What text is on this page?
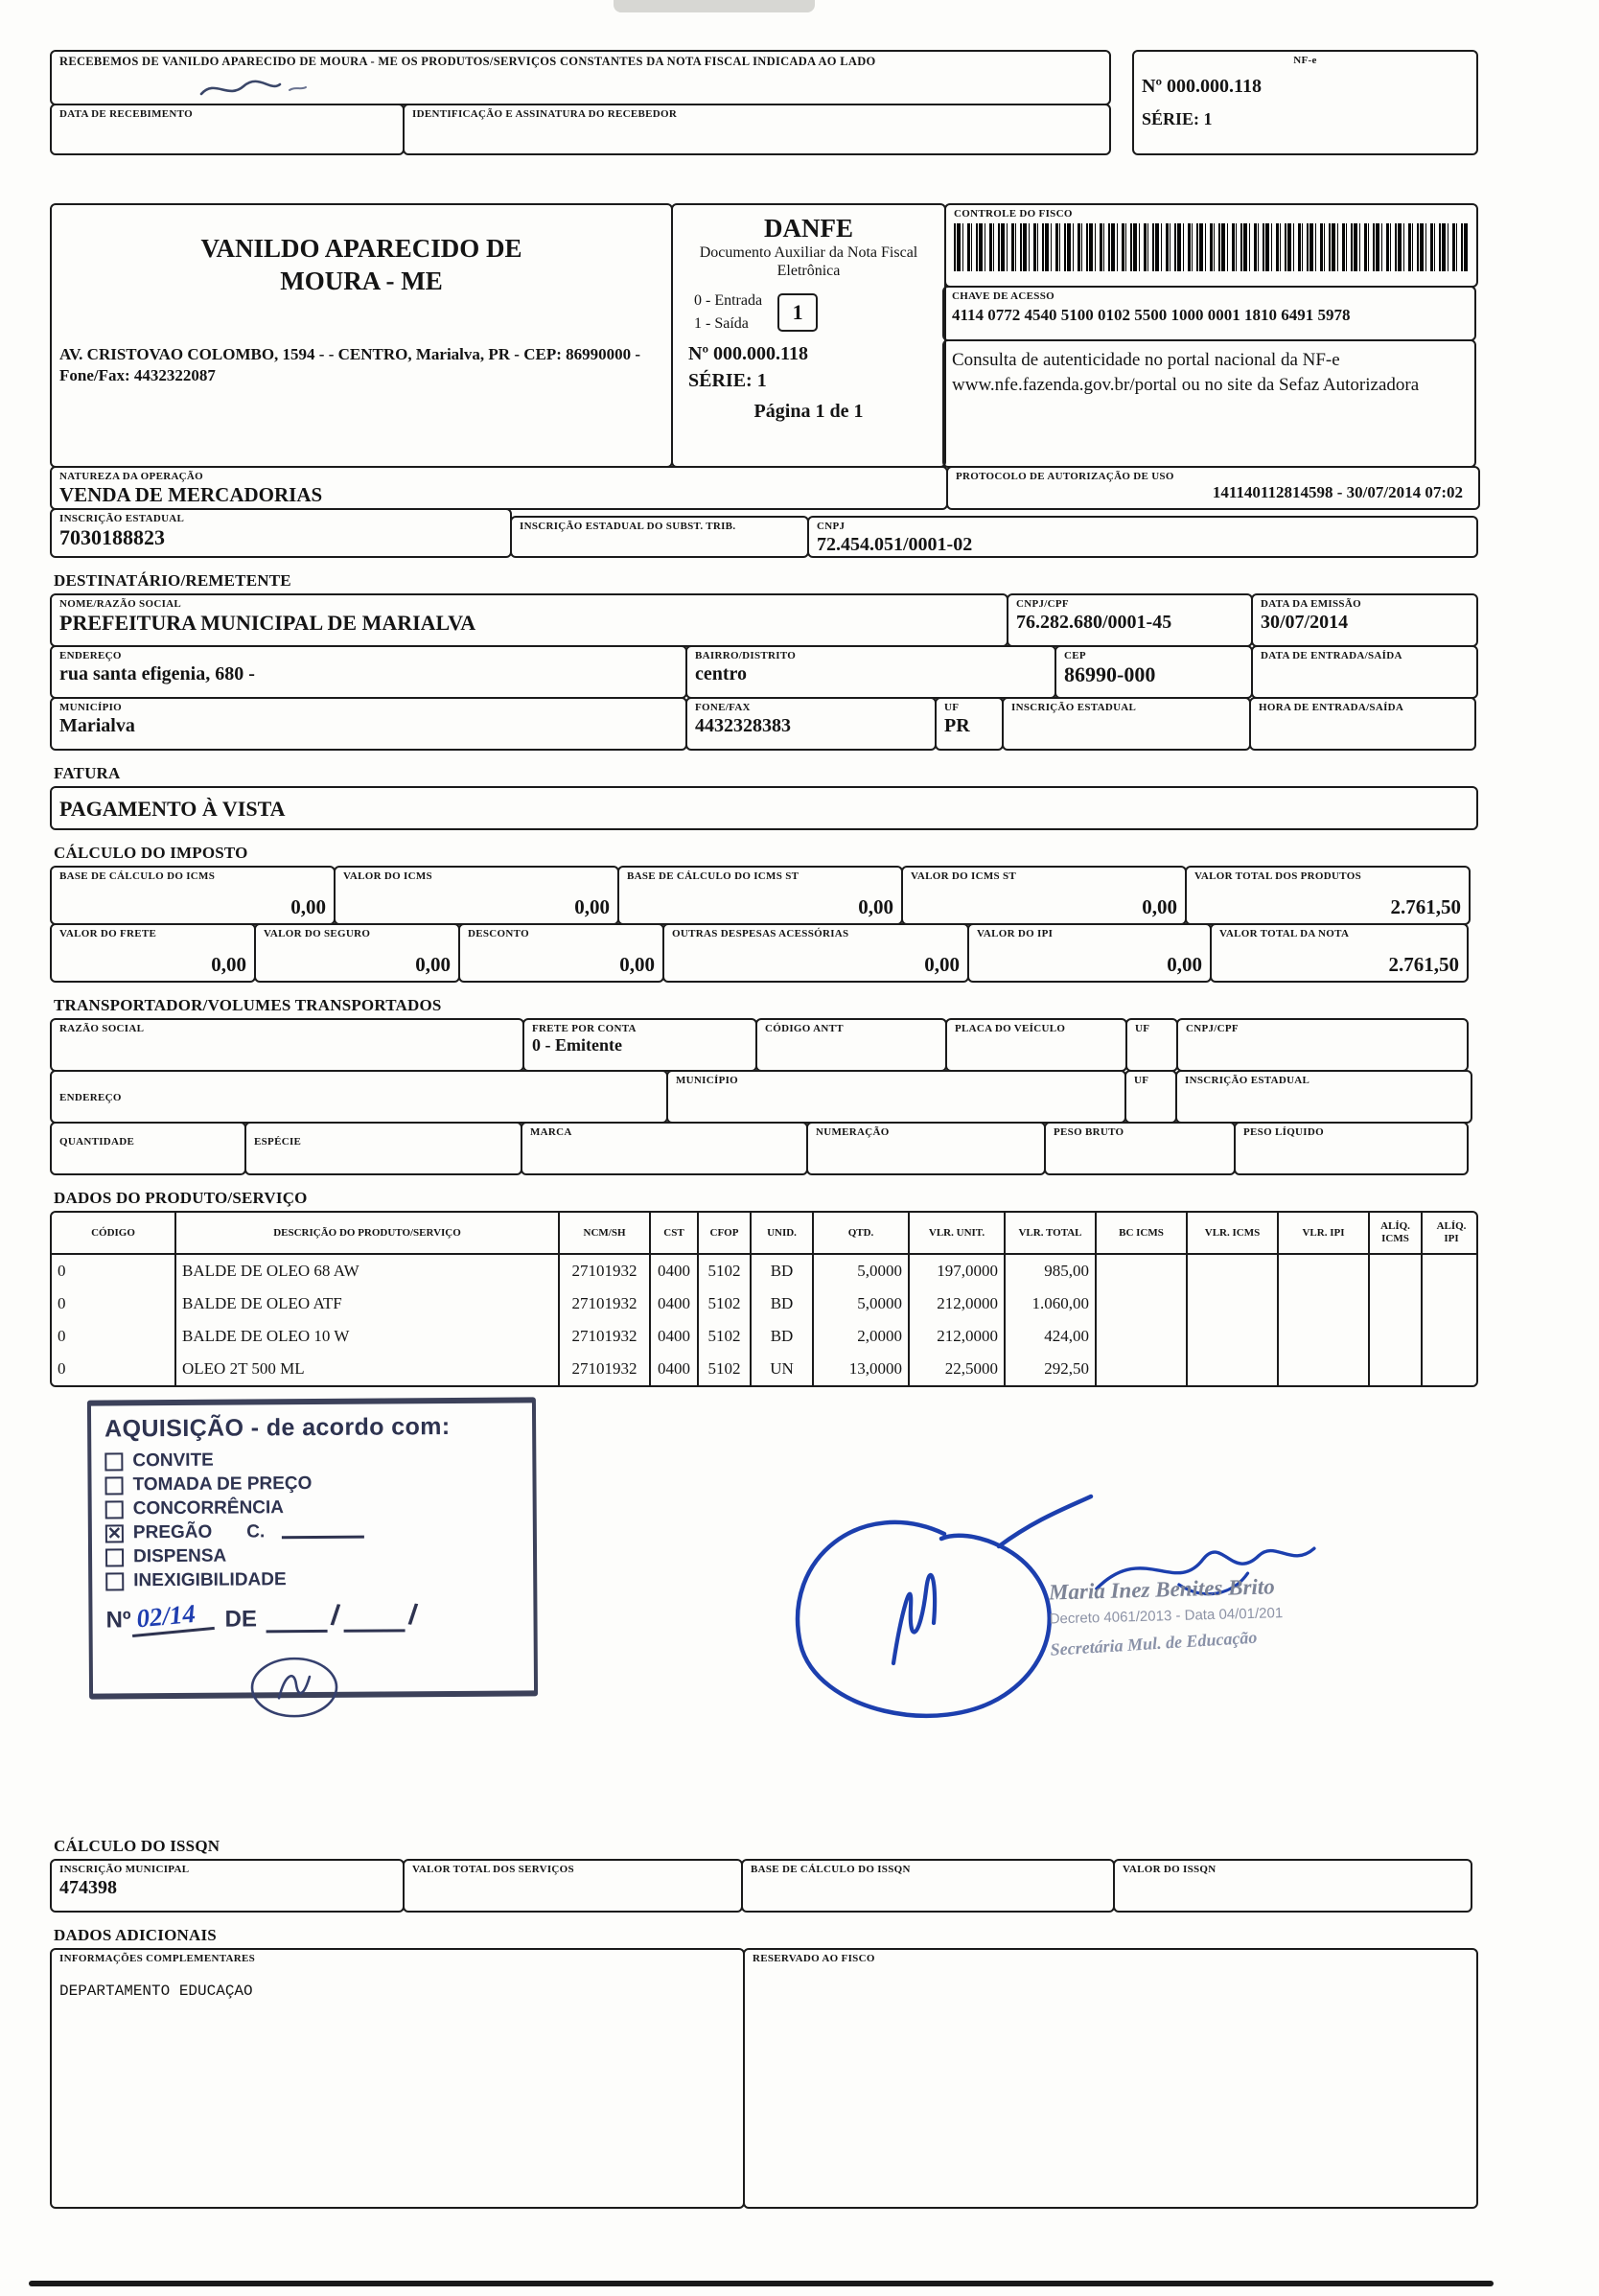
RECEBEMOS DE VANILDO APARECIDO DE MOURA - ME OS PRODUTOS/SERVIÇOS CONSTANTES DA NOTA FISCAL INDICADA AO LADO
DATA DE RECEBIMENTO	IDENTIFICAÇÃO E ASSINATURA DO RECEBEDOR
NF-e
Nº 000.000.118
SÉRIE: 1
VANILDO APARECIDO DE MOURA - ME
AV. CRISTOVAO COLOMBO, 1594 - - CENTRO, Marialva, PR - CEP: 86990000 - Fone/Fax: 4432322087
DANFE
Documento Auxiliar da Nota Fiscal Eletrônica
0 - Entrada
1 - Saída	1
Nº 000.000.118
SÉRIE: 1
Página 1 de 1
CONTROLE DO FISCO
CHAVE DE ACESSO
4114 0772 4540 5100 0102 5500 1000 0001 1810 6491 5978
Consulta de autenticidade no portal nacional da NF-e www.nfe.fazenda.gov.br/portal ou no site da Sefaz Autorizadora
NATUREZA DA OPERAÇÃO
VENDA DE MERCADORIAS
PROTOCOLO DE AUTORIZAÇÃO DE USO
141140112814598 - 30/07/2014 07:02
INSCRIÇÃO ESTADUAL
7030188823	INSCRIÇÃO ESTADUAL DO SUBST. TRIB.	CNPJ
72.454.051/0001-02
DESTINATÁRIO/REMETENTE
NOME/RAZÃO SOCIAL
PREFEITURA MUNICIPAL DE MARIALVA
CNPJ/CPF
76.282.680/0001-45
DATA DA EMISSÃO
30/07/2014
ENDEREÇO
rua santa efigenia, 680 -
BAIRRO/DISTRITO
centro
CEP
86990-000
DATA DE ENTRADA/SAÍDA
MUNICÍPIO
Marialva
FONE/FAX
4432328383
UF
PR
INSCRIÇÃO ESTADUAL	HORA DE ENTRADA/SAÍDA
FATURA
PAGAMENTO À VISTA
CÁLCULO DO IMPOSTO
BASE DE CÁLCULO DO ICMS
0,00
VALOR DO ICMS
0,00
BASE DE CÁLCULO DO ICMS ST
0,00
VALOR DO ICMS ST
0,00
VALOR TOTAL DOS PRODUTOS
2.761,50
VALOR DO FRETE
0,00
VALOR DO SEGURO
0,00
DESCONTO
0,00
OUTRAS DESPESAS ACESSÓRIAS
0,00
VALOR DO IPI
0,00
VALOR TOTAL DA NOTA
2.761,50
TRANSPORTADOR/VOLUMES TRANSPORTADOS
RAZÃO SOCIAL	FRETE POR CONTA
0 - Emitente
CÓDIGO ANTT	PLACA DO VEÍCULO	UF	CNPJ/CPF
ENDEREÇO
MUNICÍPIO	UF	INSCRIÇÃO ESTADUAL
QUANTIDADE	ESPÉCIE
MARCA	NUMERAÇÃO	PESO BRUTO	PESO LÍQUIDO
DADOS DO PRODUTO/SERVIÇO
CÓDIGO	DESCRIÇÃO DO PRODUTO/SERVIÇO	NCM/SH	CST	CFOP	UNID.	QTD.	VLR. UNIT.	VLR. TOTAL	BC ICMS	VLR. ICMS	VLR. IPI
ALÍQ. ICMS
ALÍQ. IPI
0	BALDE DE OLEO 68 AW	27101932	0400	5102	BD	5,0000	197,0000	985,00
0	BALDE DE OLEO ATF	27101932	0400	5102	BD	5,0000	212,0000	1.060,00
0	BALDE DE OLEO 10 W	27101932	0400	5102	BD	2,0000	212,0000	424,00
0	OLEO 2T 500 ML	27101932	0400	5102	UN	13,0000	22,5000	292,50
AQUISIÇÃO - de acordo com:
CONVITE
TOMADA DE PREÇO
CONCORRÊNCIA
✕ PREGÃO C.
DISPENSA
INEXIGIBILIDADE
Nº 02/14	DE	/ /
Maria Inez Benites Brito
Decreto 4061/2013 - Data 04/01/201
Secretária Mul. de Educação
CÁLCULO DO ISSQN
INSCRIÇÃO MUNICIPAL
474398
VALOR TOTAL DOS SERVIÇOS	BASE DE CÁLCULO DO ISSQN	VALOR DO ISSQN
DADOS ADICIONAIS
INFORMAÇÕES COMPLEMENTARES
DEPARTAMENTO EDUCAÇAO
RESERVADO AO FISCO
